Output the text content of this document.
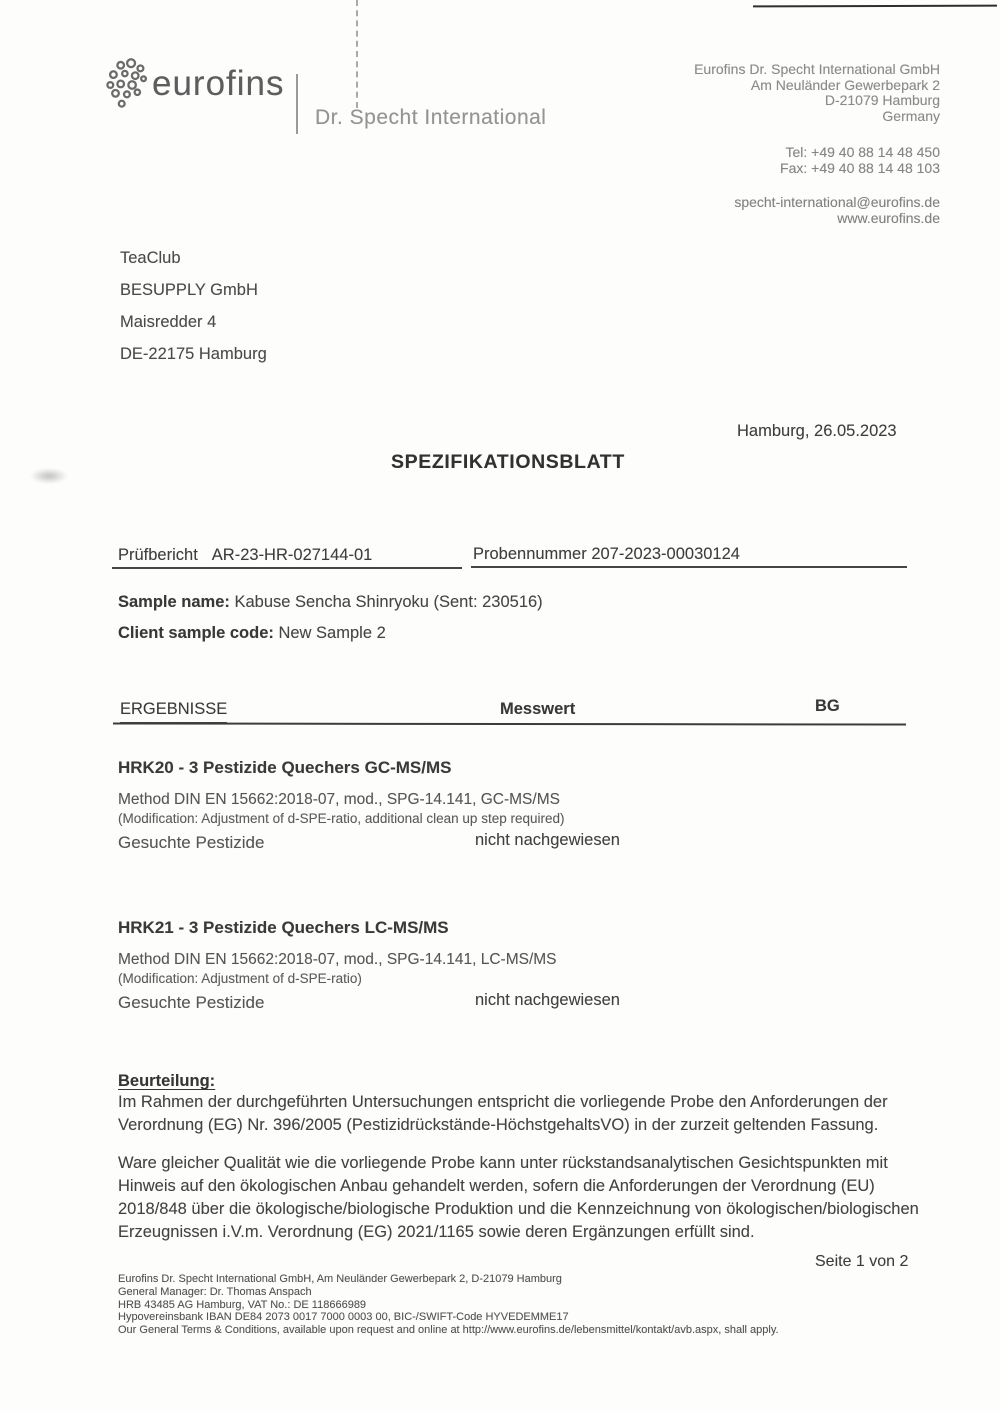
eurofins
Dr. Specht International
Eurofins Dr. Specht International GmbH
Am Neuländer Gewerbepark 2
D-21079 Hamburg
Germany
Tel: +49 40 88 14 48 450
Fax: +49 40 88 14 48 103
specht-international@eurofins.de
www.eurofins.de
TeaClub
BESUPPLY GmbH
Maisredder 4
DE-22175 Hamburg
Hamburg, 26.05.2023
SPEZIFIKATIONSBLATT
Prüfbericht AR-23-HR-027144-01	Probennummer 207-2023-00030124
Sample name: Kabuse Sencha Shinryoku (Sent: 230516)
Client sample code: New Sample 2
ERGEBNISSE	Messwert	BG
HRK20 - 3 Pestizide Quechers GC-MS/MS
Method DIN EN 15662:2018-07, mod., SPG-14.141, GC-MS/MS
(Modification: Adjustment of d-SPE-ratio, additional clean up step required)
Gesuchte Pestizide	nicht nachgewiesen
HRK21 - 3 Pestizide Quechers LC-MS/MS
Method DIN EN 15662:2018-07, mod., SPG-14.141, LC-MS/MS
(Modification: Adjustment of d-SPE-ratio)
Gesuchte Pestizide	nicht nachgewiesen
Beurteilung:
Im Rahmen der durchgeführten Untersuchungen entspricht die vorliegende Probe den Anforderungen der Verordnung (EG) Nr. 396/2005 (Pestizidrückstände-HöchstgehaltsVO) in der zurzeit geltenden Fassung.
Ware gleicher Qualität wie die vorliegende Probe kann unter rückstandsanalytischen Gesichtspunkten mit Hinweis auf den ökologischen Anbau gehandelt werden, sofern die Anforderungen der Verordnung (EU) 2018/848 über die ökologische/biologische Produktion und die Kennzeichnung von ökologischen/biologischen Erzeugnissen i.V.m. Verordnung (EG) 2021/1165 sowie deren Ergänzungen erfüllt sind.
Seite 1 von 2
Eurofins Dr. Specht International GmbH, Am Neuländer Gewerbepark 2, D-21079 Hamburg
General Manager: Dr. Thomas Anspach
HRB 43485 AG Hamburg, VAT No.: DE 118666989
Hypovereinsbank IBAN DE84 2073 0017 7000 0003 00, BIC-/SWIFT-Code HYVEDEMME17
Our General Terms & Conditions, available upon request and online at http://www.eurofins.de/lebensmittel/kontakt/avb.aspx, shall apply.
